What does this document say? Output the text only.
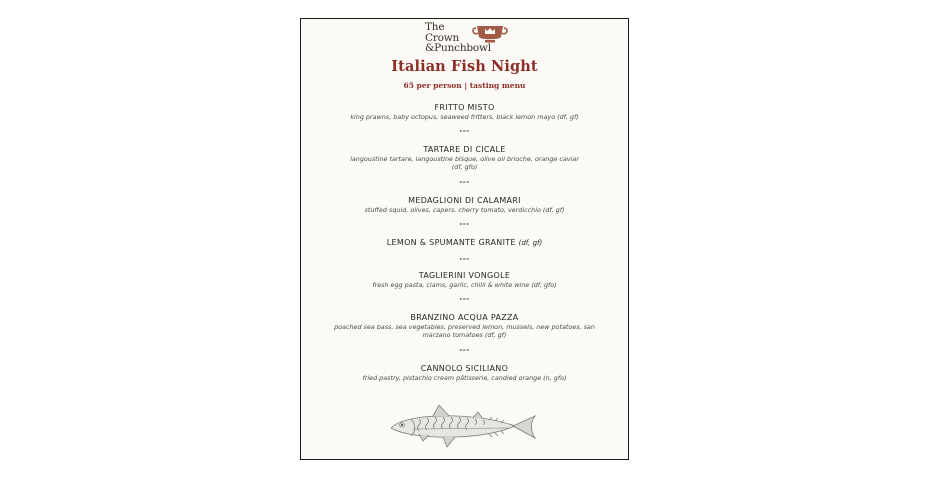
The
Crown
&Punchbowl
Italian Fish Night
65 per person | tasting menu
FRITTO MISTO
king prawns, baby octopus, seaweed fritters, black lemon mayo (df, gf)
---
TARTARE DI CICALE
langoustine tartare, langoustine bisque, olive oil brioche, orange caviar (df, gfo)
---
MEDAGLIONI DI CALAMARI
stuffed squid, olives, capers, cherry tomato, verdicchio (df, gf)
---
LEMON & SPUMANTE GRANITE (df, gf)
---
TAGLIERINI VONGOLE
fresh egg pasta, clams, garlic, chilli & white wine (df, gfo)
---
BRANZINO ACQUA PAZZA
poached sea bass, sea vegetables, preserved lemon, mussels, new potatoes, san marzano tomatoes (df, gf)
---
CANNOLO SICILIANO
fried pastry, pistachio cream pâtisserie, candied orange (n, gfo)
